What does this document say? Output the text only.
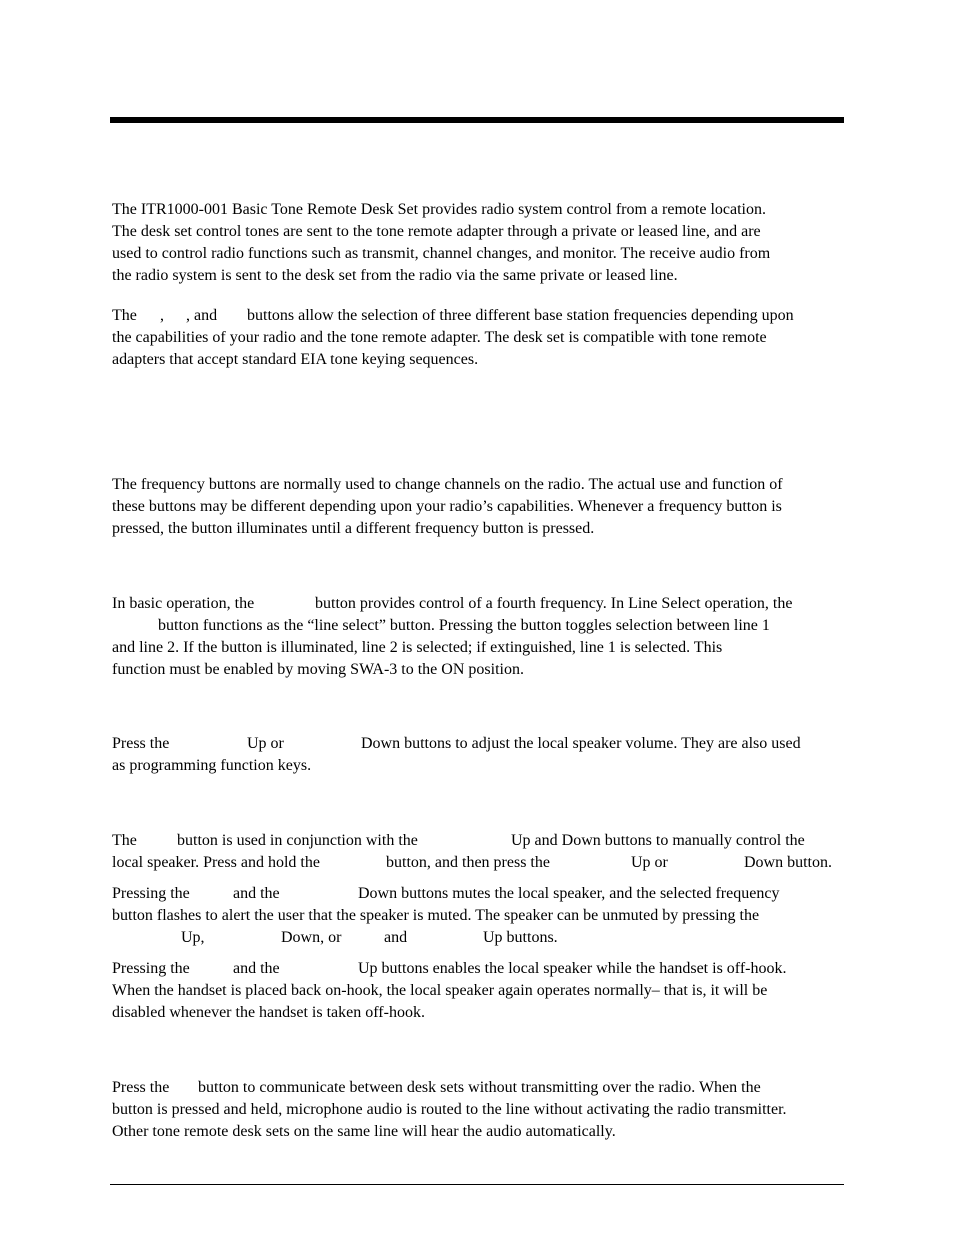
The ITR1000-001 Basic Tone Remote Desk Set provides radio system control from a remote location.
The desk set control tones are sent to the tone remote adapter through a private or leased line, and are
used to control radio functions such as transmit, channel changes, and monitor. The receive audio from
the radio system is sent to the desk set from the radio via the same private or leased line.
The , , and buttons allow the selection of three different base station frequencies depending upon
the capabilities of your radio and the tone remote adapter. The desk set is compatible with tone remote
adapters that accept standard EIA tone keying sequences.
The frequency buttons are normally used to change channels on the radio. The actual use and function of
these buttons may be different depending upon your radio’s capabilities. Whenever a frequency button is
pressed, the button illuminates until a different frequency button is pressed.
In basic operation, the	button provides control of a fourth frequency. In Line Select operation, the
button functions as the “line select” button. Pressing the button toggles selection between line 1
and line 2. If the button is illuminated, line 2 is selected; if extinguished, line 1 is selected. This
function must be enabled by moving SWA-3 to the ON position.
Press the	Up or	Down buttons to adjust the local speaker volume. They are also used
as programming function keys.
The	button is used in conjunction with the	Up and Down buttons to manually control the
local speaker. Press and hold the	button, and then press the	Up or	Down button.
Pressing the	and the	Down buttons mutes the local speaker, and the selected frequency
button flashes to alert the user that the speaker is muted. The speaker can be unmuted by pressing the
Up,	Down, or	and	Up buttons.
Pressing the	and the	Up buttons enables the local speaker while the handset is off-hook.
When the handset is placed back on-hook, the local speaker again operates normally– that is, it will be
disabled whenever the handset is taken off-hook.
Press the button to communicate between desk sets without transmitting over the radio. When the
button is pressed and held, microphone audio is routed to the line without activating the radio transmitter.
Other tone remote desk sets on the same line will hear the audio automatically.
